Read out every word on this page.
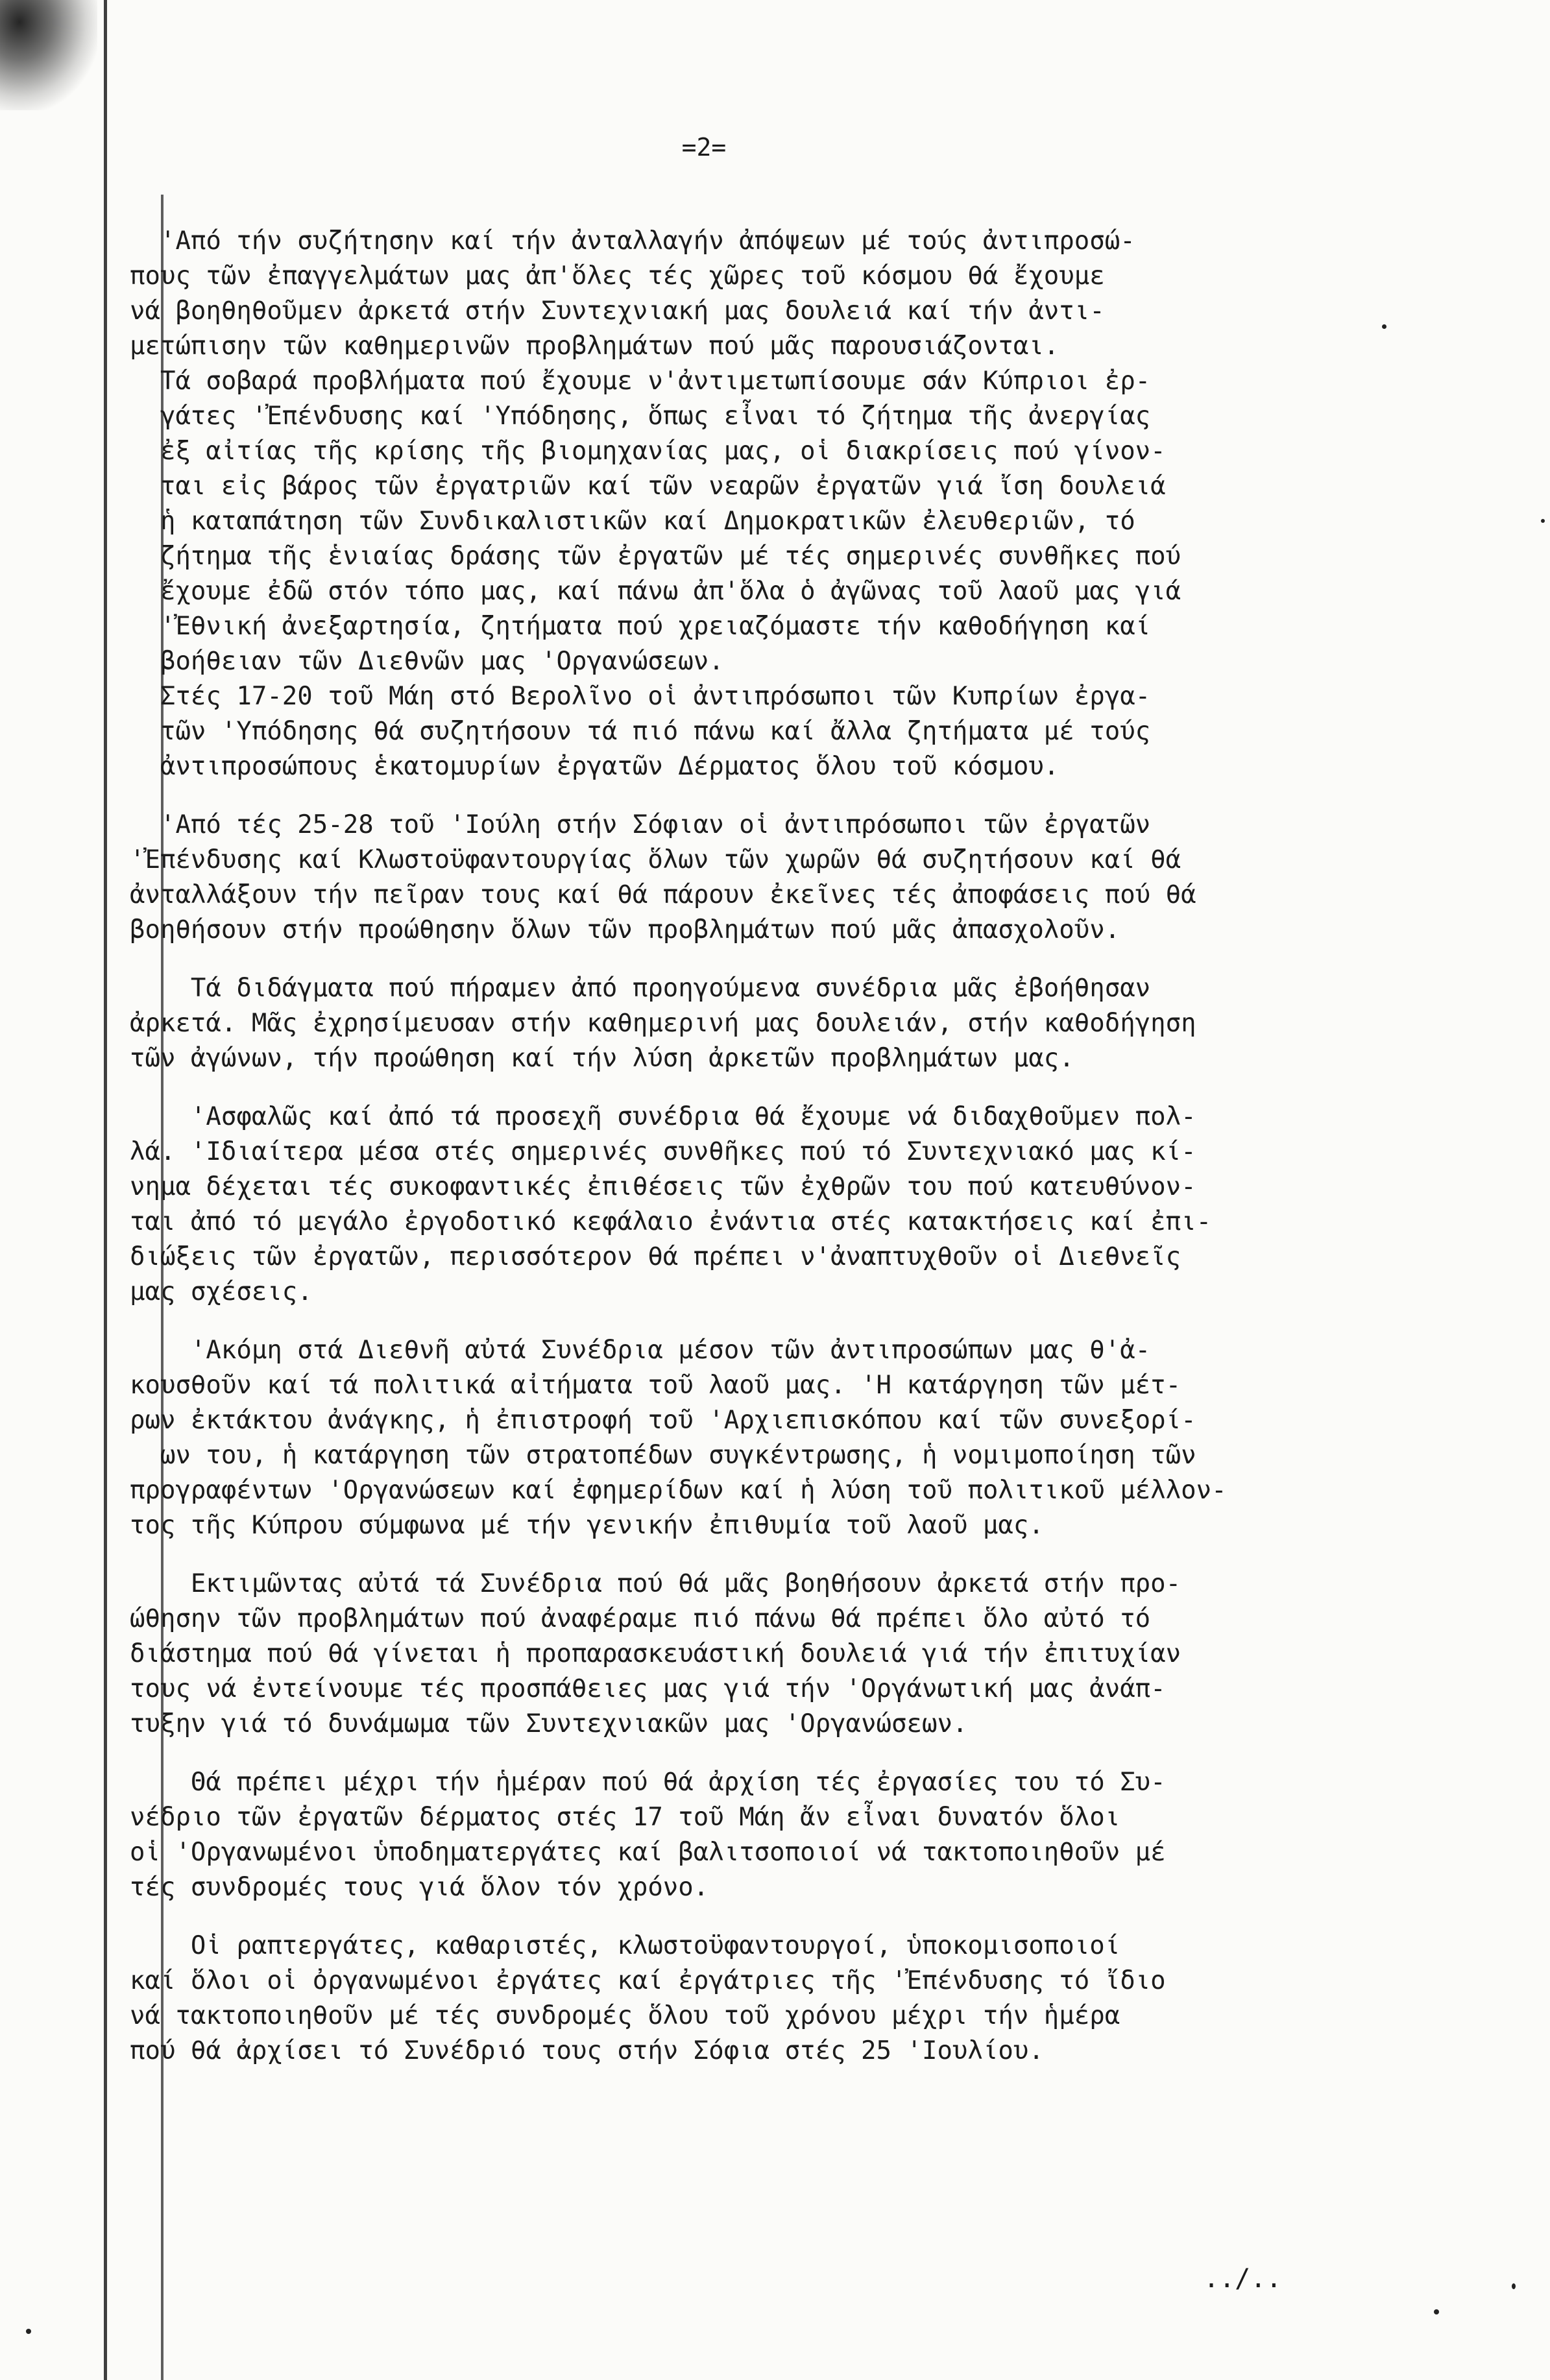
=2=
'Από τήν συζήτησην καί τήν ἀνταλλαγήν ἀπόψεων μέ τούς ἀντιπροσώ-
πους τῶν ἐπαγγελμάτων μας ἀπ'ὅλες τές χῶρες τοῦ κόσμου θά ἔχουμε
νά βοηθηθοῦμεν ἀρκετά στήν Συντεχνιακή μας δουλειά καί τήν ἀντι-
μετώπισην τῶν καθημερινῶν προβλημάτων πού μᾶς παρουσιάζονται.
Τά σοβαρά προβλήματα πού ἔχουμε ν'ἀντιμετωπίσουμε σάν Κύπριοι ἐρ-
γάτες 'Ἐπένδυσης καί 'Υπόδησης, ὅπως εἶναι τό ζήτημα τῆς ἀνεργίας
ἐξ αἰτίας τῆς κρίσης τῆς βιομηχανίας μας, οἱ διακρίσεις πού γίνον-
ται εἰς βάρος τῶν ἐργατριῶν καί τῶν νεαρῶν ἐργατῶν γιά ἴση δουλειά
ἡ καταπάτηση τῶν Συνδικαλιστικῶν καί Δημοκρατικῶν ἐλευθεριῶν, τό
ζήτημα τῆς ἑνιαίας δράσης τῶν ἐργατῶν μέ τές σημερινές συνθῆκες πού
ἔχουμε ἐδῶ στόν τόπο μας, καί πάνω ἀπ'ὅλα ὁ ἀγῶνας τοῦ λαοῦ μας γιά
'Ἐθνική ἀνεξαρτησία, ζητήματα πού χρειαζόμαστε τήν καθοδήγηση καί
βοήθειαν τῶν Διεθνῶν μας 'Οργανώσεων.
Στές 17-20 τοῦ Μάη στό Βερολῖνο οἱ ἀντιπρόσωποι τῶν Κυπρίων ἐργα-
τῶν 'Υπόδησης θά συζητήσουν τά πιό πάνω καί ἄλλα ζητήματα μέ τούς
ἀντιπροσώπους ἑκατομυρίων ἐργατῶν Δέρματος ὅλου τοῦ κόσμου.
'Από τές 25-28 τοῦ 'Ιούλη στήν Σόφιαν οἱ ἀντιπρόσωποι τῶν ἐργατῶν
'Ἐπένδυσης καί Κλωστοϋφαντουργίας ὅλων τῶν χωρῶν θά συζητήσουν καί θά
ἀνταλλάξουν τήν πεῖραν τους καί θά πάρουν ἐκεῖνες τές ἀποφάσεις πού θά
βοηθήσουν στήν προώθησην ὅλων τῶν προβλημάτων πού μᾶς ἀπασχολοῦν.
Τά διδάγματα πού πήραμεν ἀπό προηγούμενα συνέδρια μᾶς ἐβοήθησαν
ἀρκετά. Μᾶς ἐχρησίμευσαν στήν καθημερινή μας δουλειάν, στήν καθοδήγηση
τῶν ἀγώνων, τήν προώθηση καί τήν λύση ἀρκετῶν προβλημάτων μας.
'Ασφαλῶς καί ἀπό τά προσεχῆ συνέδρια θά ἔχουμε νά διδαχθοῦμεν πολ-
λά. 'Ιδιαίτερα μέσα στές σημερινές συνθῆκες πού τό Συντεχνιακό μας κί-
νημα δέχεται τές συκοφαντικές ἐπιθέσεις τῶν ἐχθρῶν του πού κατευθύνον-
ται ἀπό τό μεγάλο ἐργοδοτικό κεφάλαιο ἐνάντια στές κατακτήσεις καί ἐπι-
διώξεις τῶν ἐργατῶν, περισσότερον θά πρέπει ν'ἀναπτυχθοῦν οἱ Διεθνεῖς
μας σχέσεις.
'Ακόμη στά Διεθνῆ αὐτά Συνέδρια μέσον τῶν ἀντιπροσώπων μας θ'ἀ-
κουσθοῦν καί τά πολιτικά αἰτήματα τοῦ λαοῦ μας. 'Η κατάργηση τῶν μέτ-
ρων ἐκτάκτου ἀνάγκης, ἡ ἐπιστροφή τοῦ 'Αρχιεπισκόπου καί τῶν συνεξορί-
ων του, ἡ κατάργηση τῶν στρατοπέδων συγκέντρωσης, ἡ νομιμοποίηση τῶν
προγραφέντων 'Οργανώσεων καί ἐφημερίδων καί ἡ λύση τοῦ πολιτικοῦ μέλλον-
τος τῆς Κύπρου σύμφωνα μέ τήν γενικήν ἐπιθυμία τοῦ λαοῦ μας.
Εκτιμῶντας αὐτά τά Συνέδρια πού θά μᾶς βοηθήσουν ἀρκετά στήν προ-
ώθησην τῶν προβλημάτων πού ἀναφέραμε πιό πάνω θά πρέπει ὅλο αὐτό τό
διάστημα πού θά γίνεται ἡ προπαρασκευάστική δουλειά γιά τήν ἐπιτυχίαν
τους νά ἐντείνουμε τές προσπάθειες μας γιά τήν 'Οργάνωτική μας ἀνάπ-
τυξην γιά τό δυνάμωμα τῶν Συντεχνιακῶν μας 'Οργανώσεων.
Θά πρέπει μέχρι τήν ἡμέραν πού θά ἀρχίση τές ἐργασίες του τό Συ-
νέδριο τῶν ἐργατῶν δέρματος στές 17 τοῦ Μάη ἄν εἶναι δυνατόν ὅλοι
οἱ 'Οργανωμένοι ὑποδηματεργάτες καί βαλιτσοποιοί νά τακτοποιηθοῦν μέ
τές συνδρομές τους γιά ὅλον τόν χρόνο.
Οἱ ραπτεργάτες, καθαριστές, κλωστοϋφαντουργοί, ὑποκομισοποιοί
καί ὅλοι οἱ ὀργανωμένοι ἐργάτες καί ἐργάτριες τῆς 'Ἐπένδυσης τό ἴδιο
νά τακτοποιηθοῦν μέ τές συνδρομές ὅλου τοῦ χρόνου μέχρι τήν ἡμέρα
πού θά ἀρχίσει τό Συνέδριό τους στήν Σόφια στές 25 'Ιουλίου.
../..
